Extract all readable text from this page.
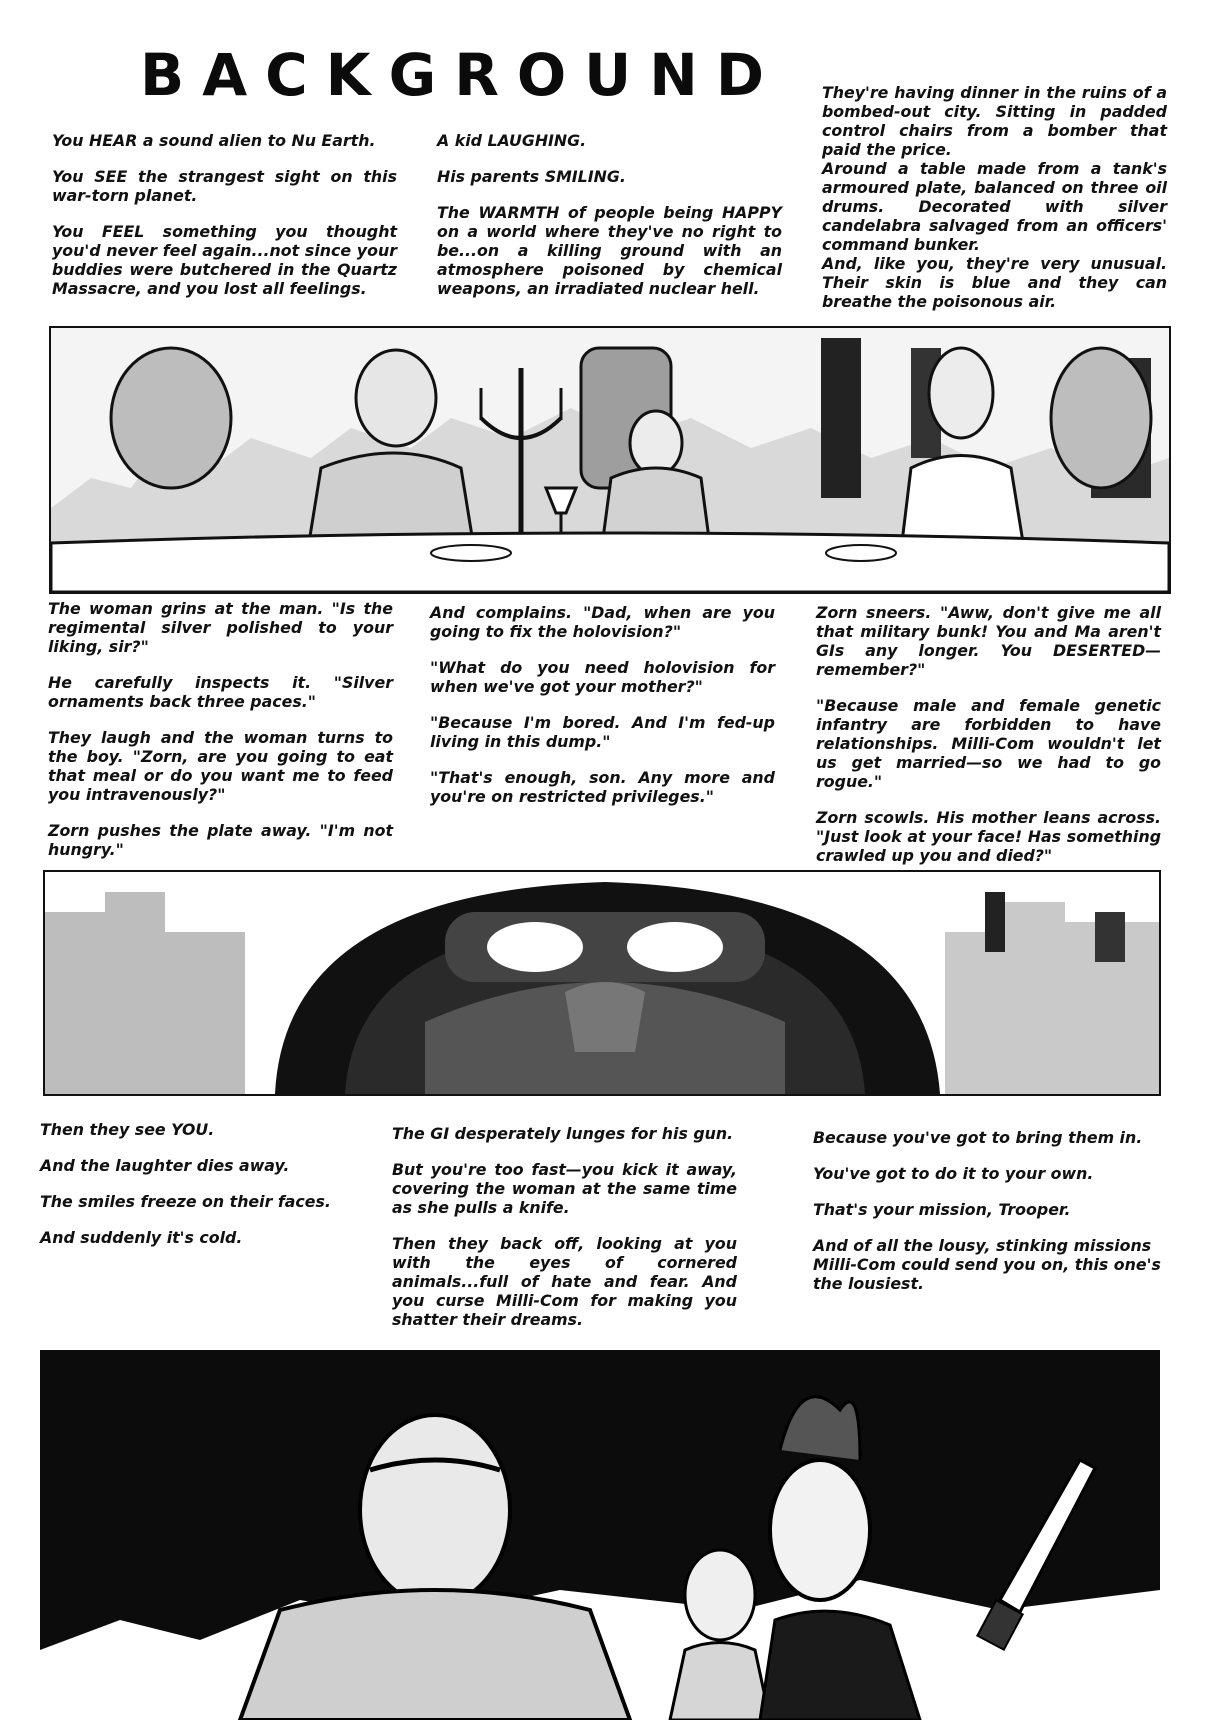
BACKGROUND

You HEAR a sound alien to Nu Earth.

You SEE the strangest sight on this war-torn planet.

You FEEL something you thought you'd never feel again...not since your buddies were butchered in the Quartz Massacre, and you lost all feelings.

A kid LAUGHING.

His parents SMILING.

The WARMTH of people being HAPPY on a world where they've no right to be...on a killing ground with an atmosphere poisoned by chemical weapons, an irradiated nuclear hell.

They're having dinner in the ruins of a bombed-out city. Sitting in padded control chairs from a bomber that paid the price.

Around a table made from a tank's armoured plate, balanced on three oil drums. Decorated with silver candelabra salvaged from an officers' command bunker.

And, like you, they're very unusual. Their skin is blue and they can breathe the poisonous air.

The woman grins at the man. "Is the regimental silver polished to your liking, sir?"

He carefully inspects it. "Silver ornaments back three paces."

They laugh and the woman turns to the boy. "Zorn, are you going to eat that meal or do you want me to feed you intravenously?"

Zorn pushes the plate away. "I'm not hungry."

And complains. "Dad, when are you going to fix the holovision?"

"What do you need holovision for when we've got your mother?"

"Because I'm bored. And I'm fed-up living in this dump."

"That's enough, son. Any more and you're on restricted privileges."

Zorn sneers. "Aww, don't give me all that military bunk! You and Ma aren't GIs any longer. You DESERTED—remember?"

"Because male and female genetic infantry are forbidden to have relationships. Milli-Com wouldn't let us get married—so we had to go rogue."

Zorn scowls. His mother leans across. "Just look at your face! Has something crawled up you and died?"

Then they see YOU.

And the laughter dies away.

The smiles freeze on their faces.

And suddenly it's cold.

The GI desperately lunges for his gun.

But you're too fast—you kick it away, covering the woman at the same time as she pulls a knife.

Then they back off, looking at you with the eyes of cornered animals...full of hate and fear. And you curse Milli-Com for making you shatter their dreams.

Because you've got to bring them in.

You've got to do it to your own.

That's your mission, Trooper.

And of all the lousy, stinking missions Milli-Com could send you on, this one's the lousiest.
